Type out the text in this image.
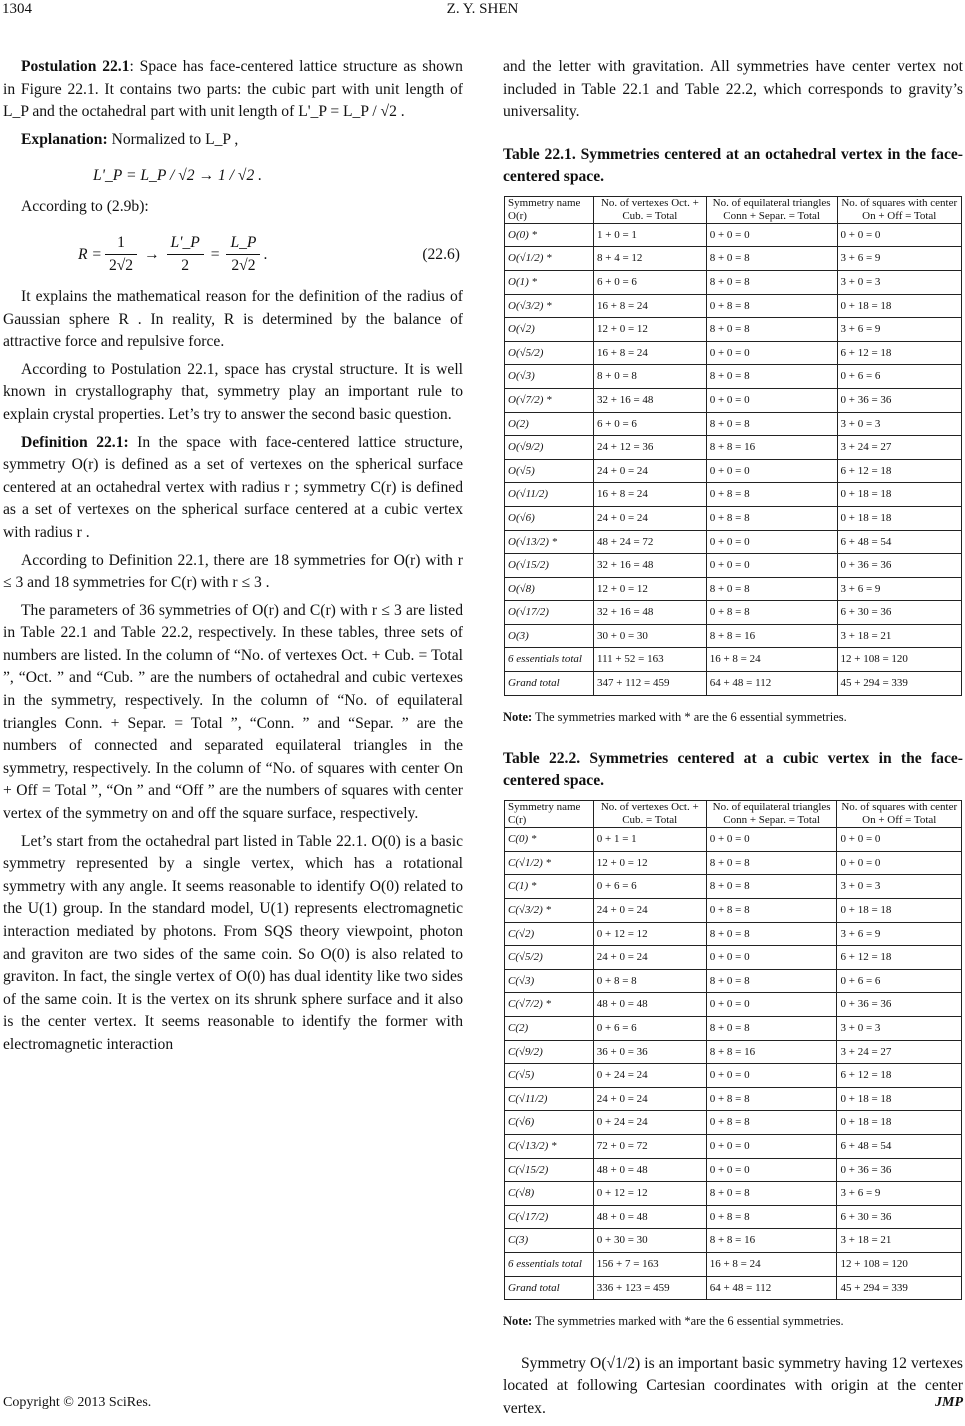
1304	Z. Y. SHEN

Postulation 22.1: Space has face-centered lattice structure as shown in Figure 22.1. It contains two parts: the cubic part with unit length of L_P and the octahedral part with unit length of L'_P = L_P / √2 .

Explanation: Normalized to L_P ,

L'_P = L_P / √2 → 1 / √2 .

According to (2.9b):

$R = \frac{1}{2√2} \to \frac{L'\_P}{2} = \frac{L\_P}{2√2}$ .	(22.6)

It explains the mathematical reason for the definition of the radius of Gaussian sphere R . In reality, R is determined by the balance of attractive force and repulsive force.

According to Postulation 22.1, space has crystal structure. It is well known in crystallography that, symmetry play an important rule to explain crystal properties. Let’s try to answer the second basic question.

Definition 22.1: In the space with face-centered lattice structure, symmetry O(r) is defined as a set of vertexes on the spherical surface centered at an octahedral vertex with radius r ; symmetry C(r) is defined as a set of vertexes on the spherical surface centered at a cubic vertex with radius r .

According to Definition 22.1, there are 18 symmetries for O(r) with r ≤ 3 and 18 symmetries for C(r) with r ≤ 3 .

The parameters of 36 symmetries of O(r) and C(r) with r ≤ 3 are listed in Table 22.1 and Table 22.2, respectively. In these tables, three sets of numbers are listed. In the column of “No. of vertexes Oct. + Cub. = Total ”, “Oct. ” and “Cub. ” are the numbers of octahedral and cubic vertexes in the symmetry, respectively. In the column of “No. of equilateral triangles Conn. + Separ. = Total ”, “Conn. ” and “Separ. ” are the numbers of connected and separated equilateral triangles in the symmetry, respectively. In the column of “No. of squares with center On + Off = Total ”, “On ” and “Off ” are the numbers of squares with center vertex of the symmetry on and off the square surface, respectively.

Let’s start from the octahedral part listed in Table 22.1. O(0) is a basic symmetry represented by a single vertex, which has a rotational symmetry with any angle. It seems reasonable to identify O(0) related to the U(1) group. In the standard model, U(1) represents electromagnetic interaction mediated by photons. From SQS theory viewpoint, photon and graviton are two sides of the same coin. So O(0) is also related to graviton. In fact, the single vertex of O(0) has dual identity like two sides of the same coin. It is the vertex on its shrunk sphere surface and it also is the center vertex. It seems reasonable to identify the former with electromagnetic interaction

and the letter with gravitation. All symmetries have center vertex not included in Table 22.1 and Table 22.2, which corresponds to gravity’s universality.

Table 22.1. Symmetries centered at an octahedral vertex in the face-centered space.
Symmetry name O(r)	No. of vertexes Oct. + Cub. = Total	No. of equilateral triangles Conn + Separ. = Total	No. of squares with center On + Off = Total
O(0) *	1 + 0 = 1	0 + 0 = 0	0 + 0 = 0
O(√1/2) *	8 + 4 = 12	8 + 0 = 8	3 + 6 = 9
O(1) *	6 + 0 = 6	8 + 0 = 8	3 + 0 = 3
O(√3/2) *	16 + 8 = 24	0 + 8 = 8	0 + 18 = 18
O(√2)	12 + 0 = 12	8 + 0 = 8	3 + 6 = 9
O(√5/2)	16 + 8 = 24	0 + 0 = 0	6 + 12 = 18
O(√3)	8 + 0 = 8	8 + 0 = 8	0 + 6 = 6
O(√7/2) *	32 + 16 = 48	0 + 0 = 0	0 + 36 = 36
O(2)	6 + 0 = 6	8 + 0 = 8	3 + 0 = 3
O(√9/2)	24 + 12 = 36	8 + 8 = 16	3 + 24 = 27
O(√5)	24 + 0 = 24	0 + 0 = 0	6 + 12 = 18
O(√11/2)	16 + 8 = 24	0 + 8 = 8	0 + 18 = 18
O(√6)	24 + 0 = 24	0 + 8 = 8	0 + 18 = 18
O(√13/2) *	48 + 24 = 72	0 + 0 = 0	6 + 48 = 54
O(√15/2)	32 + 16 = 48	0 + 0 = 0	0 + 36 = 36
O(√8)	12 + 0 = 12	8 + 0 = 8	3 + 6 = 9
O(√17/2)	32 + 16 = 48	0 + 8 = 8	6 + 30 = 36
O(3)	30 + 0 = 30	8 + 8 = 16	3 + 18 = 21
6 essentials total	111 + 52 = 163	16 + 8 = 24	12 + 108 = 120
Grand total	347 + 112 = 459	64 + 48 = 112	45 + 294 = 339

Note: The symmetries marked with * are the 6 essential symmetries.

Table 22.2. Symmetries centered at a cubic vertex in the face- centered space.
Symmetry name C(r)	No. of vertexes Oct. + Cub. = Total	No. of equilateral triangles Conn + Separ. = Total	No. of squares with center On + Off = Total
C(0) *	0 + 1 = 1	0 + 0 = 0	0 + 0 = 0
C(√1/2) *	12 + 0 = 12	8 + 0 = 8	0 + 0 = 0
C(1) *	0 + 6 = 6	8 + 0 = 8	3 + 0 = 3
C(√3/2) *	24 + 0 = 24	0 + 8 = 8	0 + 18 = 18
C(√2)	0 + 12 = 12	8 + 0 = 8	3 + 6 = 9
C(√5/2)	24 + 0 = 24	0 + 0 = 0	6 + 12 = 18
C(√3)	0 + 8 = 8	8 + 0 = 8	0 + 6 = 6
C(√7/2) *	48 + 0 = 48	0 + 0 = 0	0 + 36 = 36
C(2)	0 + 6 = 6	8 + 0 = 8	3 + 0 = 3
C(√9/2)	36 + 0 = 36	8 + 8 = 16	3 + 24 = 27
C(√5)	0 + 24 = 24	0 + 0 = 0	6 + 12 = 18
C(√11/2)	24 + 0 = 24	0 + 8 = 8	0 + 18 = 18
C(√6)	0 + 24 = 24	0 + 8 = 8	0 + 18 = 18
C(√13/2) *	72 + 0 = 72	0 + 0 = 0	6 + 48 = 54
C(√15/2)	48 + 0 = 48	0 + 0 = 0	0 + 36 = 36
C(√8)	0 + 12 = 12	8 + 0 = 8	3 + 6 = 9
C(√17/2)	48 + 0 = 48	0 + 8 = 8	6 + 30 = 36
C(3)	0 + 30 = 30	8 + 8 = 16	3 + 18 = 21
6 essentials total	156 + 7 = 163	16 + 8 = 24	12 + 108 = 120
Grand total	336 + 123 = 459	64 + 48 = 112	45 + 294 = 339

Note: The symmetries marked with *are the 6 essential symmetries.

Symmetry O(√1/2) is an important basic symmetry having 12 vertexes located at following Cartesian coordinates with origin at the center vertex.

Copyright © 2013 SciRes.	JMP
